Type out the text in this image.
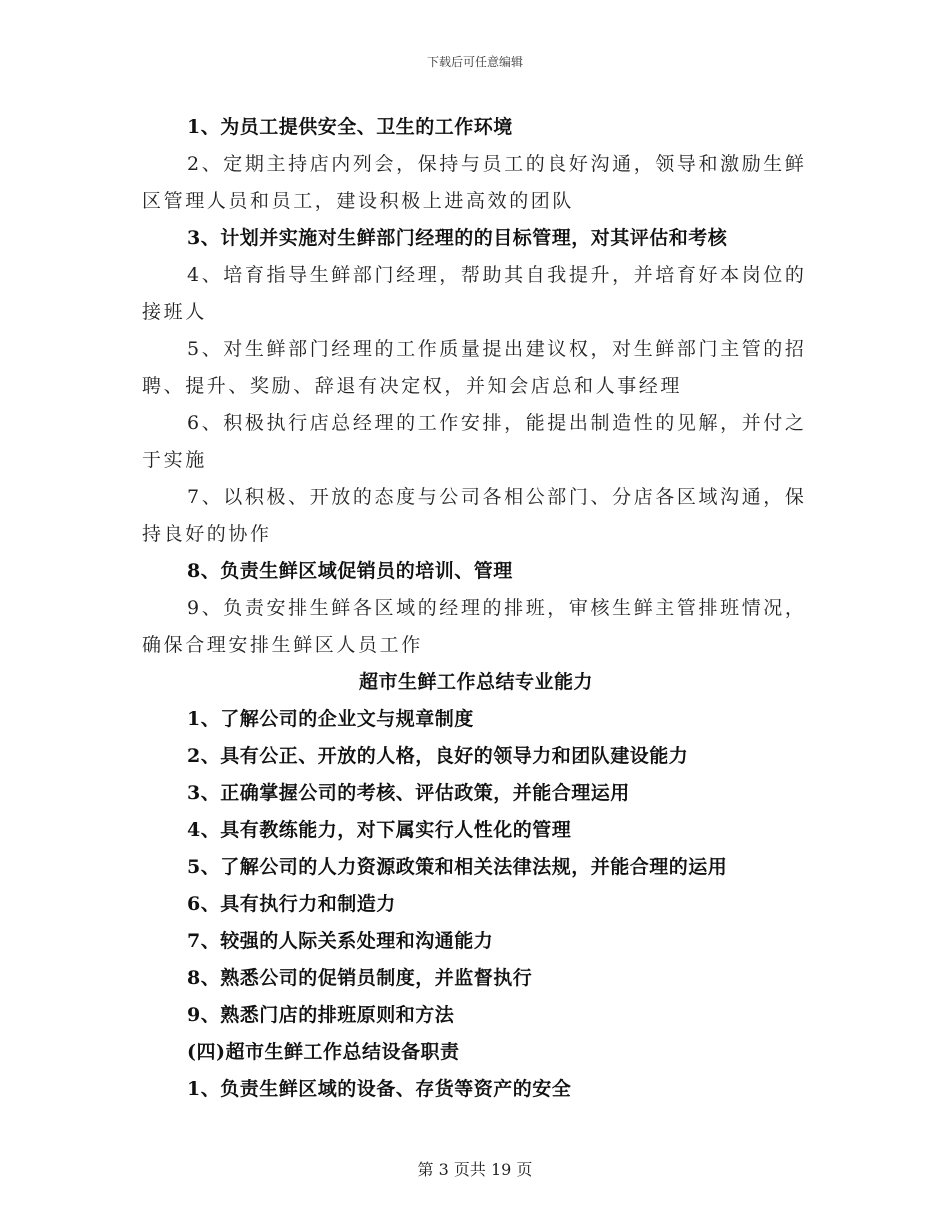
下载后可任意编辑
1、为员工提供安全、卫生的工作环境
2、定期主持店内列会，保持与员工的良好沟通，领导和激励生鲜
区管理人员和员工，建设积极上进高效的团队
3、计划并实施对生鲜部门经理的的目标管理，对其评估和考核
4、培育指导生鲜部门经理，帮助其自我提升，并培育好本岗位的
接班人
5、对生鲜部门经理的工作质量提出建议权，对生鲜部门主管的招
聘、提升、奖励、辞退有决定权，并知会店总和人事经理
6、积极执行店总经理的工作安排，能提出制造性的见解，并付之
于实施
7、以积极、开放的态度与公司各相公部门、分店各区域沟通，保
持良好的协作
8、负责生鲜区域促销员的培训、管理
9、负责安排生鲜各区域的经理的排班，审核生鲜主管排班情况，
确保合理安排生鲜区人员工作
超市生鲜工作总结专业能力
1、了解公司的企业文与规章制度
2、具有公正、开放的人格，良好的领导力和团队建设能力
3、正确掌握公司的考核、评估政策，并能合理运用
4、具有教练能力，对下属实行人性化的管理
5、了解公司的人力资源政策和相关法律法规，并能合理的运用
6、具有执行力和制造力
7、较强的人际关系处理和沟通能力
8、熟悉公司的促销员制度，并监督执行
9、熟悉门店的排班原则和方法
(四)超市生鲜工作总结设备职责
1、负责生鲜区域的设备、存货等资产的安全
第 3 页共 19 页
